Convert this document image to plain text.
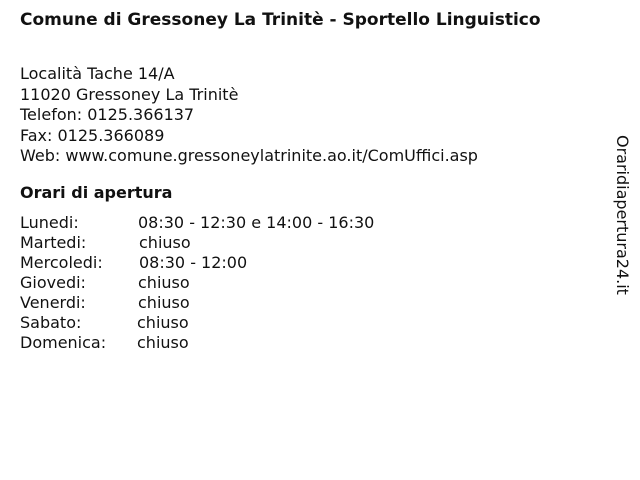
Comune di Gressoney La Trinitè - Sportello Linguistico
Località Tache 14/A
11020 Gressoney La Trinitè
Telefon: 0125.366137
Fax: 0125.366089
Web: www.comune.gressoneylatrinite.ao.it/ComUffici.asp
Orari di apertura
Lunedi:	08:30 - 12:30 e 14:00 - 16:30
Martedi:	chiuso
Mercoledi: 08:30 - 12:00
Giovedi:	chiuso
Venerdi:	chiuso
Sabato:	chiuso
Domenica: chiuso
Oraridiapertura24.it
